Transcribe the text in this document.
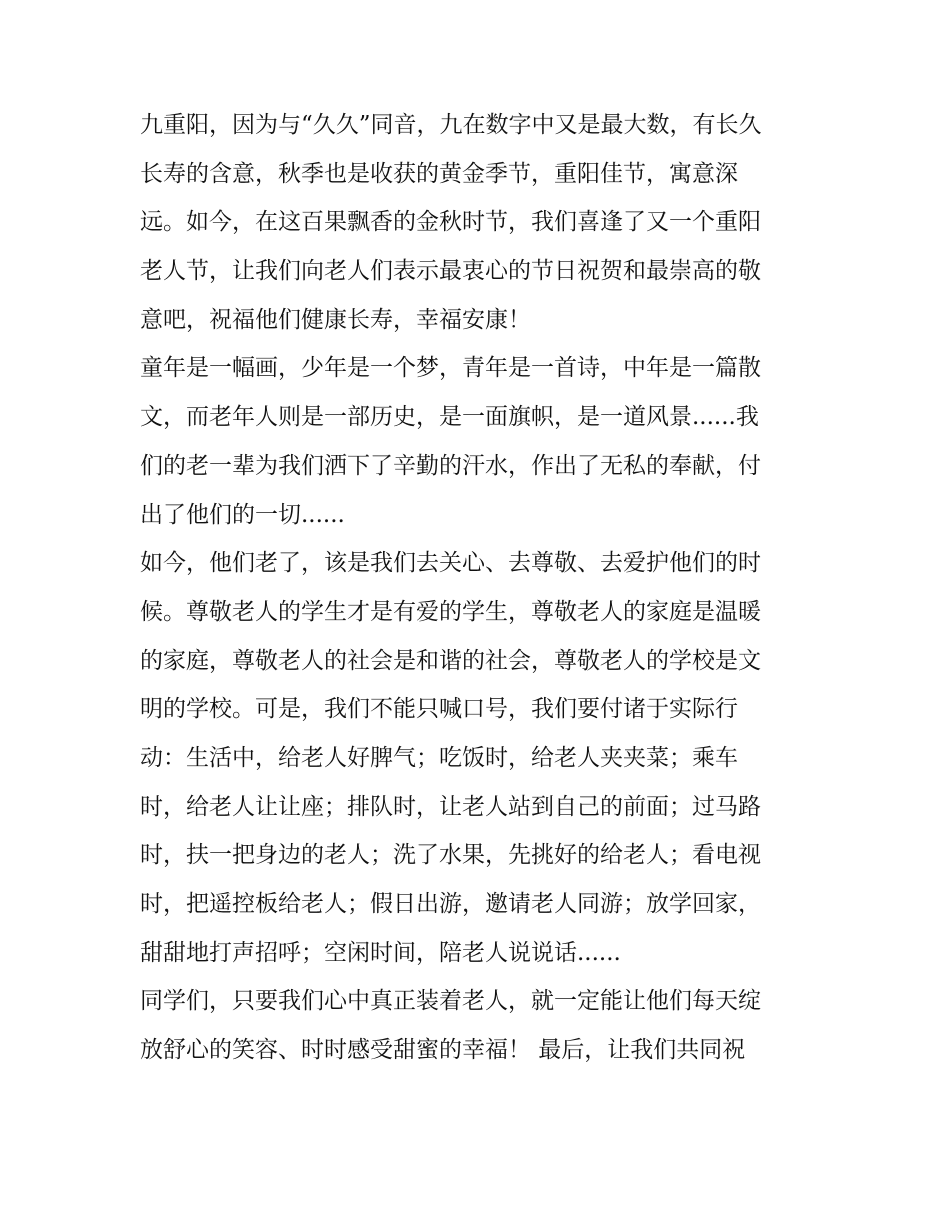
九重阳，因为与“久久”同音，九在数字中又是最大数，有长久
长寿的含意，秋季也是收获的黄金季节，重阳佳节，寓意深
远。如今，在这百果飘香的金秋时节，我们喜逢了又一个重阳
老人节，让我们向老人们表示最衷心的节日祝贺和最崇高的敬
意吧，祝福他们健康长寿，幸福安康！
童年是一幅画，少年是一个梦，青年是一首诗，中年是一篇散
文，而老年人则是一部历史，是一面旗帜，是一道风景......我
们的老一辈为我们洒下了辛勤的汗水，作出了无私的奉献，付
出了他们的一切......
如今，他们老了，该是我们去关心、去尊敬、去爱护他们的时
候。尊敬老人的学生才是有爱的学生，尊敬老人的家庭是温暖
的家庭，尊敬老人的社会是和谐的社会，尊敬老人的学校是文
明的学校。可是，我们不能只喊口号，我们要付诸于实际行
动：生活中，给老人好脾气；吃饭时，给老人夹夹菜；乘车
时，给老人让让座；排队时，让老人站到自己的前面；过马路
时，扶一把身边的老人；洗了水果，先挑好的给老人；看电视
时，把遥控板给老人；假日出游，邀请老人同游；放学回家，
甜甜地打声招呼；空闲时间，陪老人说说话......
同学们，只要我们心中真正装着老人，就一定能让他们每天绽
放舒心的笑容、时时感受甜蜜的幸福！ 最后，让我们共同祝
